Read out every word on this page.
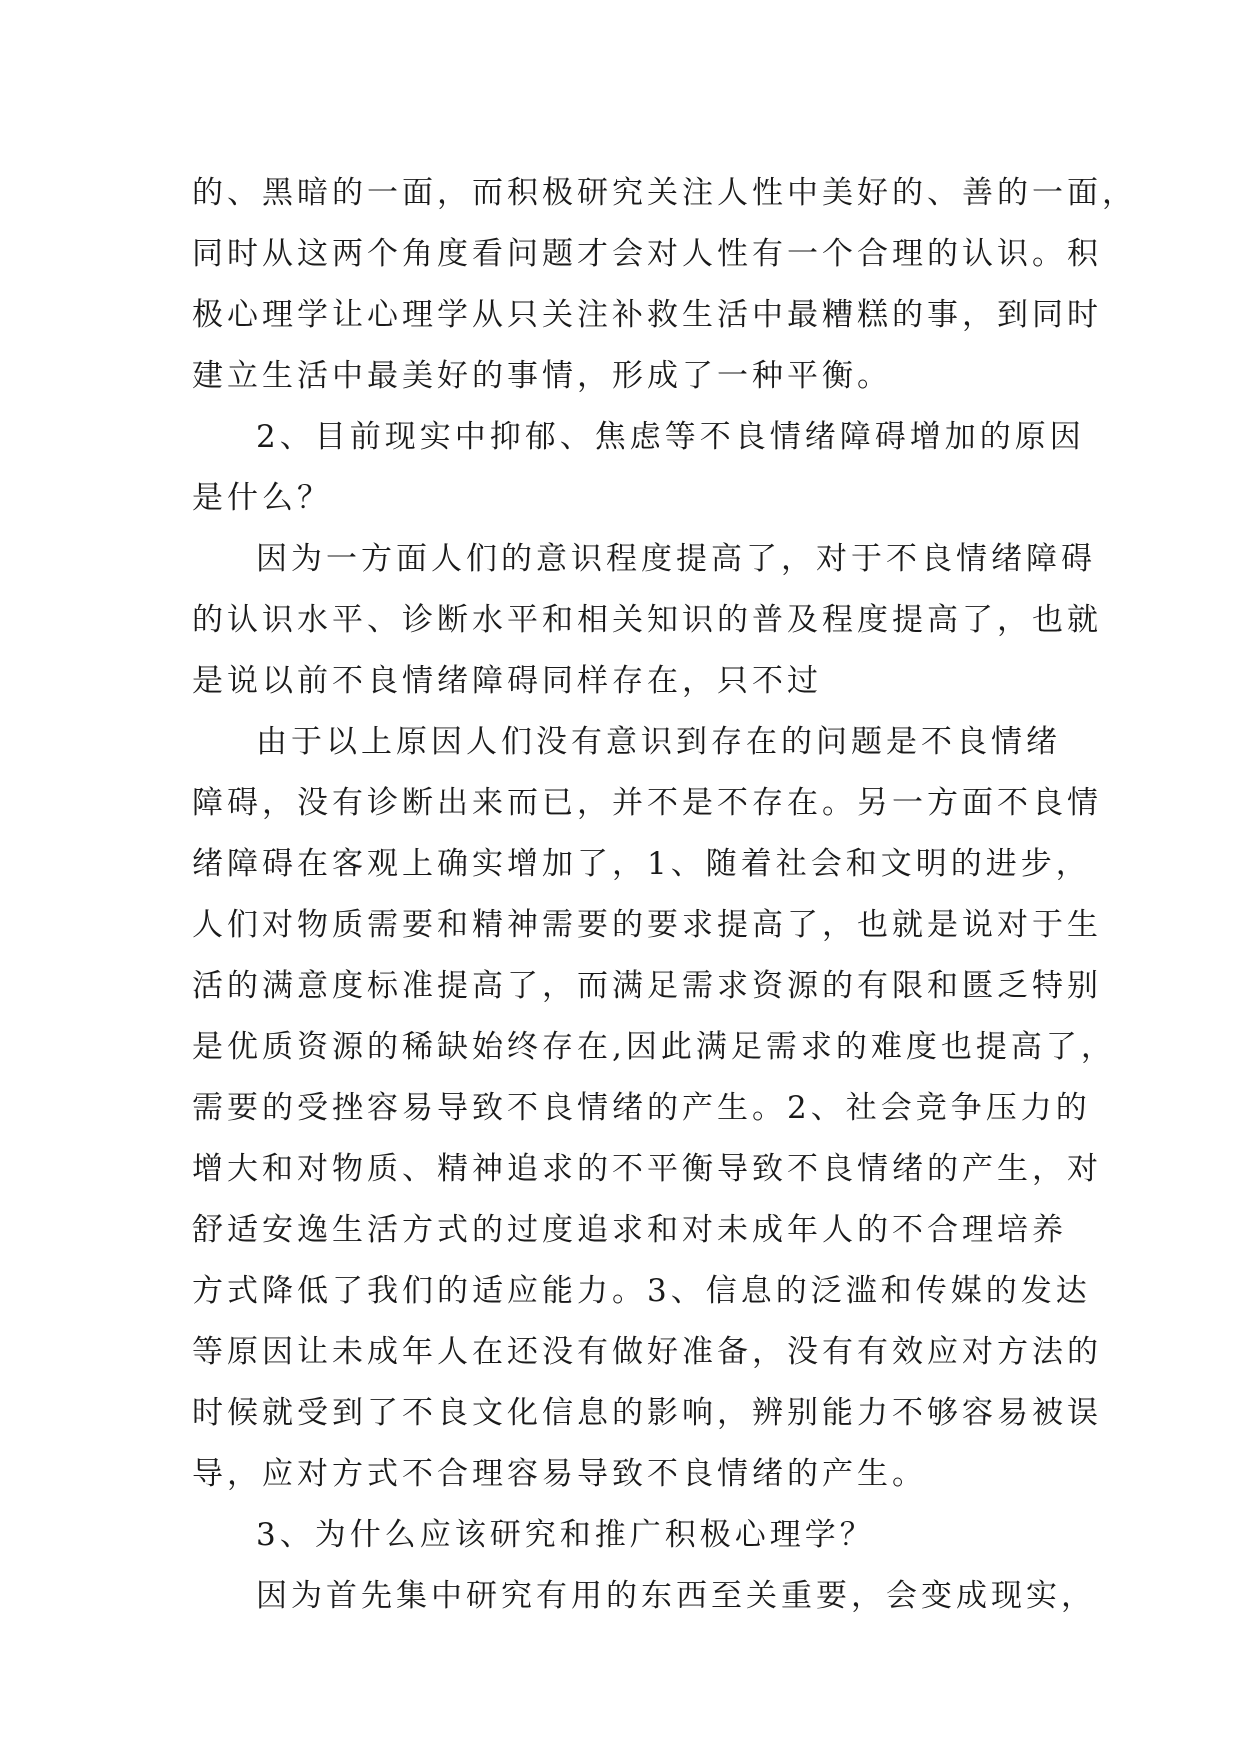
的、黑暗的一面，而积极研究关注人性中美好的、善的一面，
同时从这两个角度看问题才会对人性有一个合理的认识。积
极心理学让心理学从只关注补救生活中最糟糕的事，到同时
建立生活中最美好的事情，形成了一种平衡。
2、目前现实中抑郁、焦虑等不良情绪障碍增加的原因
是什么？
因为一方面人们的意识程度提高了，对于不良情绪障碍
的认识水平、诊断水平和相关知识的普及程度提高了，也就
是说以前不良情绪障碍同样存在，只不过
由于以上原因人们没有意识到存在的问题是不良情绪
障碍，没有诊断出来而已，并不是不存在。另一方面不良情
绪障碍在客观上确实增加了，1、随着社会和文明的进步，
人们对物质需要和精神需要的要求提高了，也就是说对于生
活的满意度标准提高了，而满足需求资源的有限和匮乏特别
是优质资源的稀缺始终存在,因此满足需求的难度也提高了，
需要的受挫容易导致不良情绪的产生。2、社会竞争压力的
增大和对物质、精神追求的不平衡导致不良情绪的产生，对
舒适安逸生活方式的过度追求和对未成年人的不合理培养
方式降低了我们的适应能力。3、信息的泛滥和传媒的发达
等原因让未成年人在还没有做好准备，没有有效应对方法的
时候就受到了不良文化信息的影响，辨别能力不够容易被误
导，应对方式不合理容易导致不良情绪的产生。
3、为什么应该研究和推广积极心理学？
因为首先集中研究有用的东西至关重要，会变成现实，
